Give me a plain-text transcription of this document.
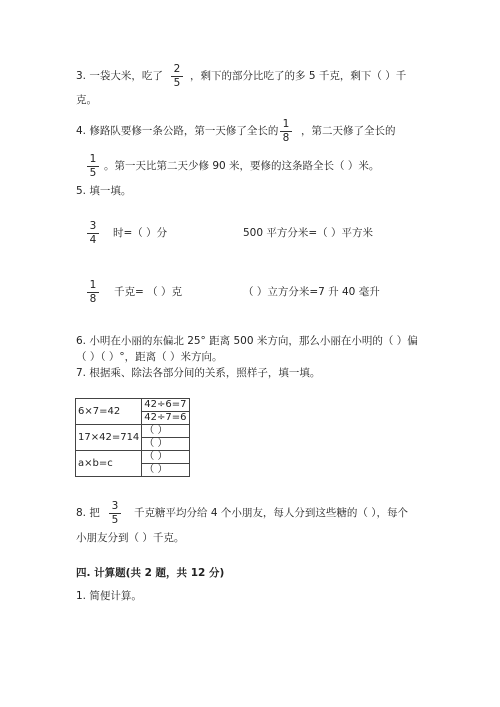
3. 一袋大米，吃了
2
5
，剩下的部分比吃了的多 5 千克，剩下（ ）千
克。
4. 修路队要修一条公路，第一天修了全长的
1
8
，第二天修了全长的
1
5
。第一天比第二天少修 90 米，要修的这条路全长（ ）米。
5. 填一填。
3
4
时=（ ）分	500 平方分米=（ ）平方米
1
8
千克= （ ）克	（ ）立方分米=7 升 40 毫升
6. 小明在小丽的东偏北 25° 距离 500 米方向，那么小丽在小明的（ ）偏
（ ）（ ）°，距离（ ）米方向。
7. 根据乘、除法各部分间的关系，照样子，填一填。
6×7=42	42÷6=7
	42÷7=6
17×42=714	（ ）
	（ ）
a×b=c	（ ）
	（ ）
8. 把
3
5
千克糖平均分给 4 个小朋友，每人分到这些糖的（ ），每个
小朋友分到（ ）千克。
四. 计算题(共 2 题，共 12 分)
1. 简便计算。
